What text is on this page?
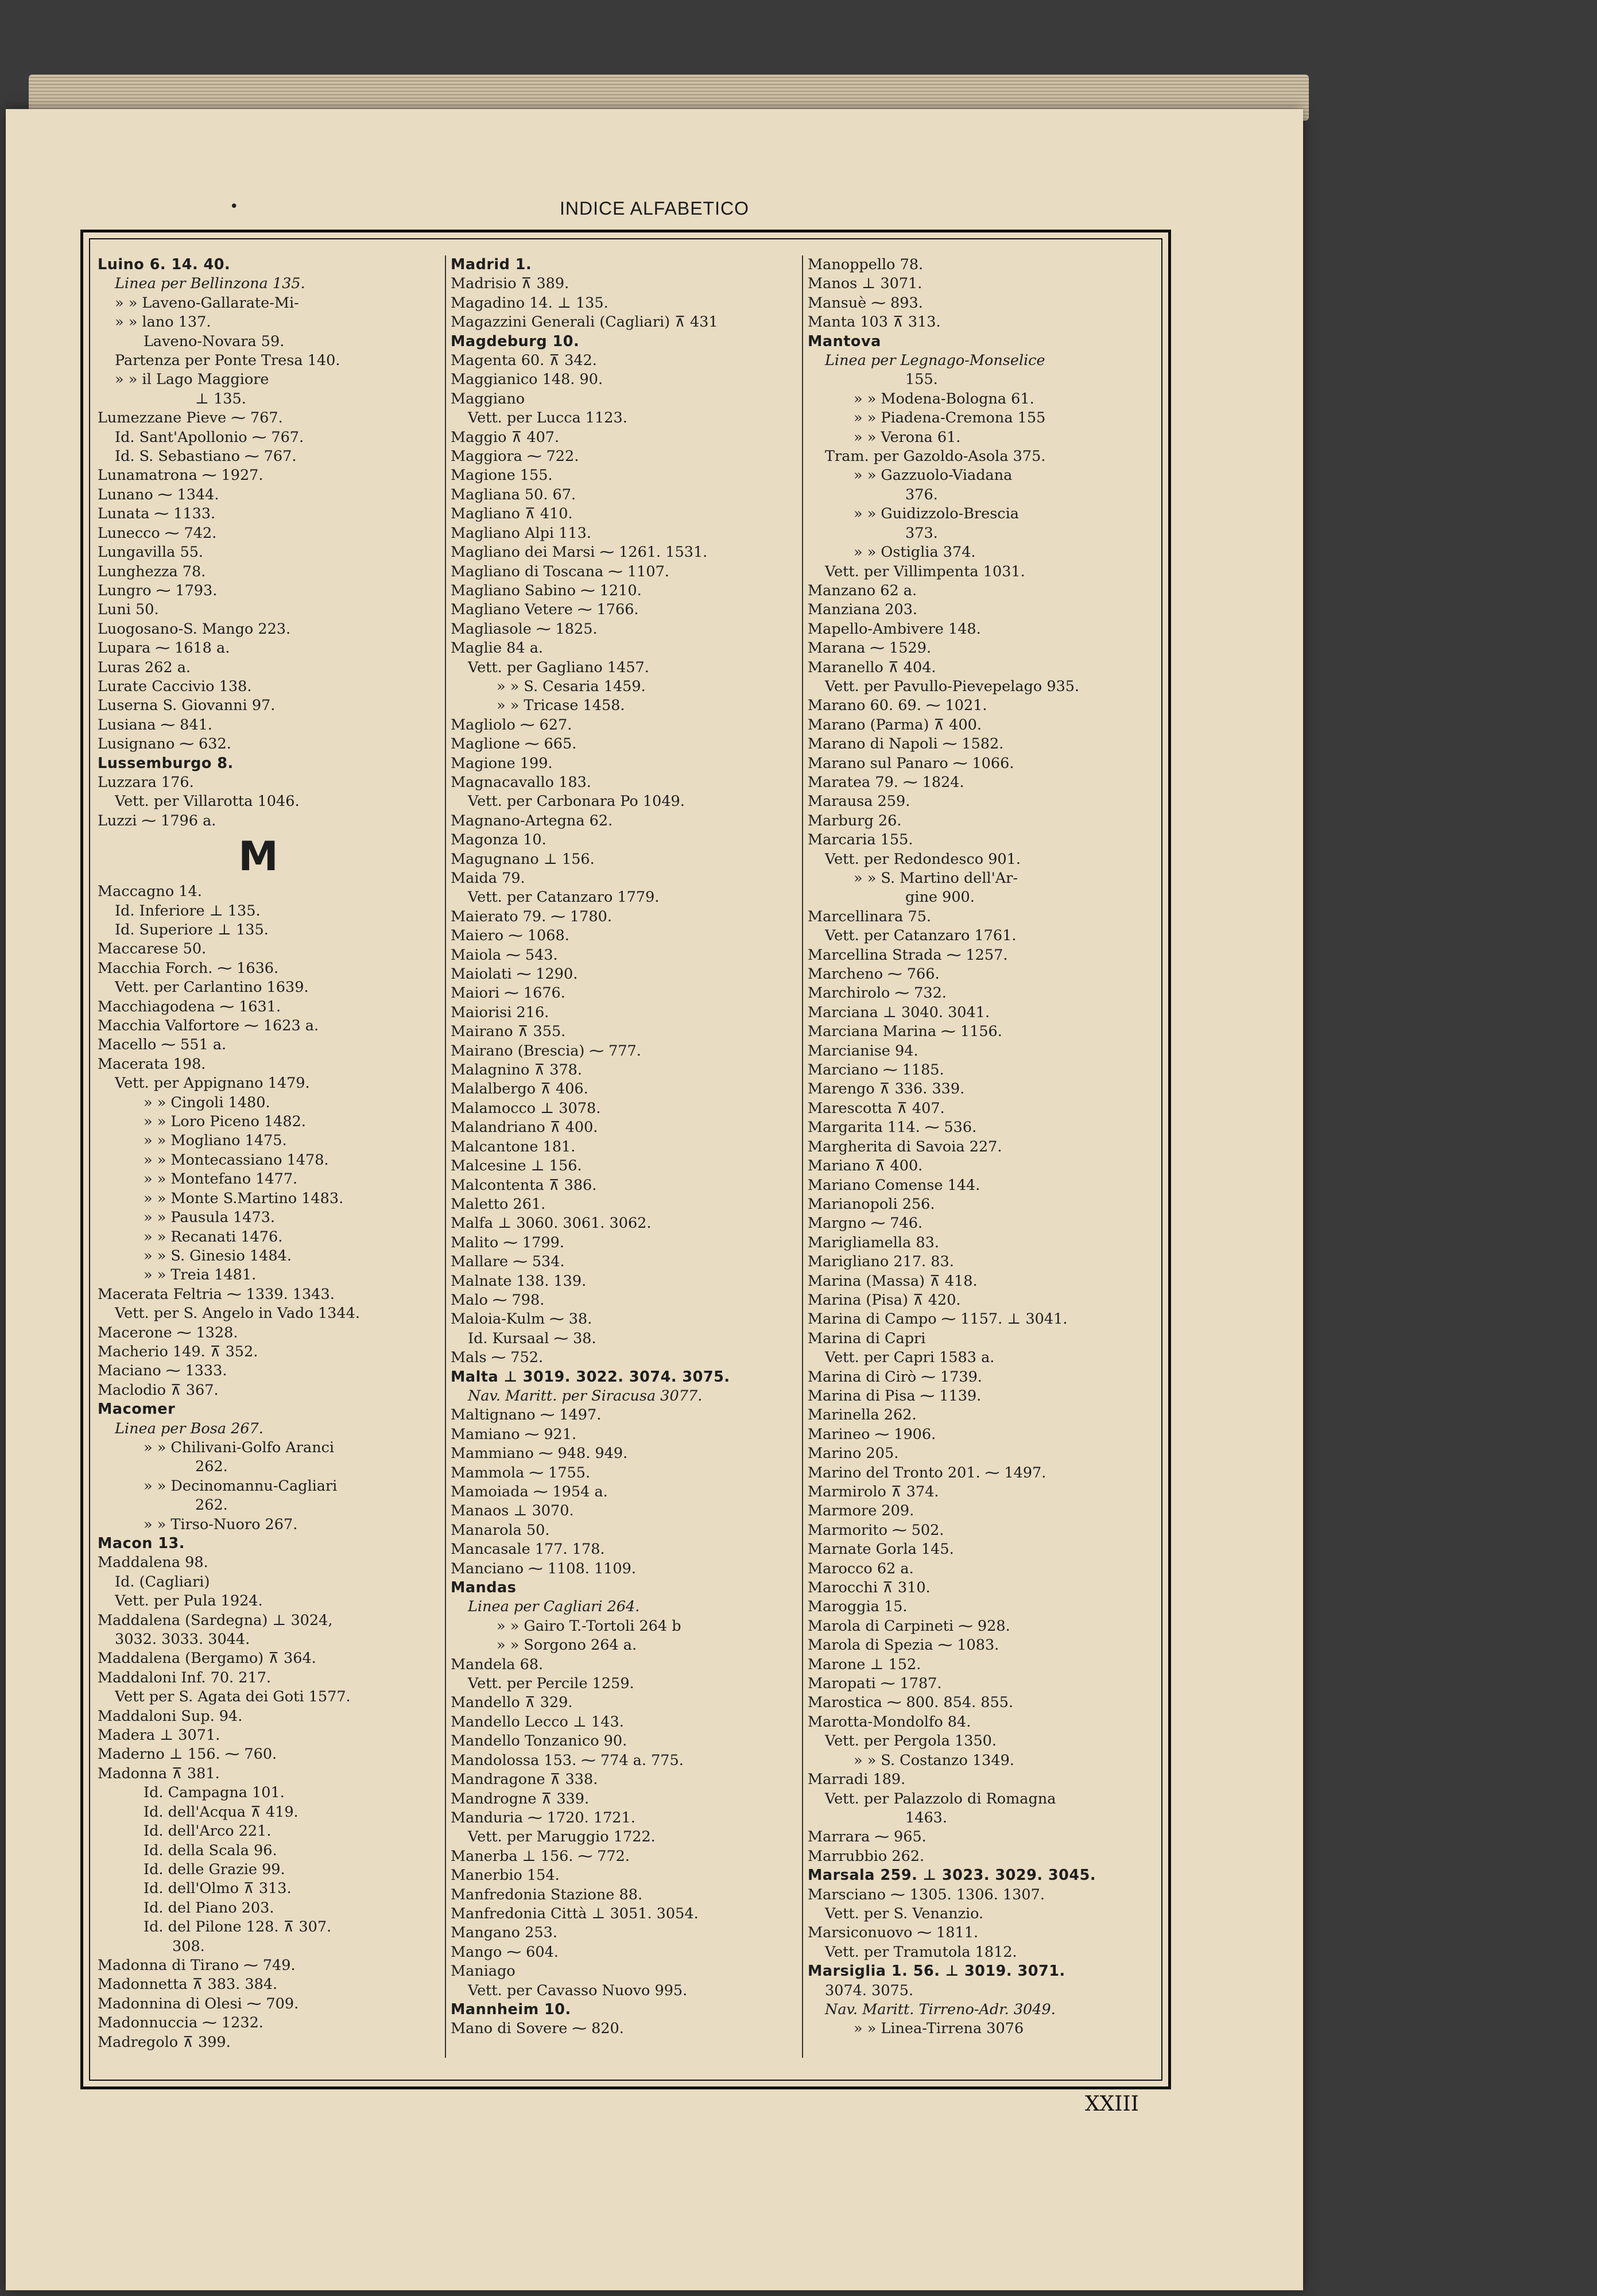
•	INDICE ALFABETICO
Luino 6. 14. 40.
Linea per Bellinzona 135.
» » Laveno-Gallarate-Mi-
» » lano 137.
Laveno-Novara 59.
Partenza per Ponte Tresa 140.
» » il Lago Maggiore
⊥ 135.
Lumezzane Pieve ⁓ 767.
Id. Sant'Apollonio ⁓ 767.
Id. S. Sebastiano ⁓ 767.
Lunamatrona ⁓ 1927.
Lunano ⁓ 1344.
Lunata ⁓ 1133.
Lunecco ⁓ 742.
Lungavilla 55.
Lunghezza 78.
Lungro ⁓ 1793.
Luni 50.
Luogosano-S. Mango 223.
Lupara ⁓ 1618 a.
Luras 262 a.
Lurate Caccivio 138.
Luserna S. Giovanni 97.
Lusiana ⁓ 841.
Lusignano ⁓ 632.
Lussemburgo 8.
Luzzara 176.
Vett. per Villarotta 1046.
Luzzi ⁓ 1796 a.
M
Maccagno 14.
Id. Inferiore ⊥ 135.
Id. Superiore ⊥ 135.
Maccarese 50.
Macchia Forch. ⁓ 1636.
Vett. per Carlantino 1639.
Macchiagodena ⁓ 1631.
Macchia Valfortore ⁓ 1623 a.
Macello ⁓ 551 a.
Macerata 198.
Vett. per Appignano 1479.
» » Cingoli 1480.
» » Loro Piceno 1482.
» » Mogliano 1475.
» » Montecassiano 1478.
» » Montefano 1477.
» » Monte S.Martino 1483.
» » Pausula 1473.
» » Recanati 1476.
» » S. Ginesio 1484.
» » Treia 1481.
Macerata Feltria ⁓ 1339. 1343.
Vett. per S. Angelo in Vado 1344.
Macerone ⁓ 1328.
Macherio 149. ⊼ 352.
Maciano ⁓ 1333.
Maclodio ⊼ 367.
Macomer
Linea per Bosa 267.
» » Chilivani-Golfo Aranci
262.
» » Decinomannu-Cagliari
262.
» » Tirso-Nuoro 267.
Macon 13.
Maddalena 98.
Id. (Cagliari)
Vett. per Pula 1924.
Maddalena (Sardegna) ⊥ 3024,
3032. 3033. 3044.
Maddalena (Bergamo) ⊼ 364.
Maddaloni Inf. 70. 217.
Vett per S. Agata dei Goti 1577.
Maddaloni Sup. 94.
Madera ⊥ 3071.
Maderno ⊥ 156. ⁓ 760.
Madonna ⊼ 381.
Id. Campagna 101.
Id. dell'Acqua ⊼ 419.
Id. dell'Arco 221.
Id. della Scala 96.
Id. delle Grazie 99.
Id. dell'Olmo ⊼ 313.
Id. del Piano 203.
Id. del Pilone 128. ⊼ 307.
308.
Madonna di Tirano ⁓ 749.
Madonnetta ⊼ 383. 384.
Madonnina di Olesi ⁓ 709.
Madonnuccia ⁓ 1232.
Madregolo ⊼ 399.
Madrid 1.
Madrisio ⊼ 389.
Magadino 14. ⊥ 135.
Magazzini Generali (Cagliari) ⊼ 431
Magdeburg 10.
Magenta 60. ⊼ 342.
Maggianico 148. 90.
Maggiano
Vett. per Lucca 1123.
Maggio ⊼ 407.
Maggiora ⁓ 722.
Magione 155.
Magliana 50. 67.
Magliano ⊼ 410.
Magliano Alpi 113.
Magliano dei Marsi ⁓ 1261. 1531.
Magliano di Toscana ⁓ 1107.
Magliano Sabino ⁓ 1210.
Magliano Vetere ⁓ 1766.
Magliasole ⁓ 1825.
Maglie 84 a.
Vett. per Gagliano 1457.
» » S. Cesaria 1459.
» » Tricase 1458.
Magliolo ⁓ 627.
Maglione ⁓ 665.
Magione 199.
Magnacavallo 183.
Vett. per Carbonara Po 1049.
Magnano-Artegna 62.
Magonza 10.
Magugnano ⊥ 156.
Maida 79.
Vett. per Catanzaro 1779.
Maierato 79. ⁓ 1780.
Maiero ⁓ 1068.
Maiola ⁓ 543.
Maiolati ⁓ 1290.
Maiori ⁓ 1676.
Maiorisi 216.
Mairano ⊼ 355.
Mairano (Brescia) ⁓ 777.
Malagnino ⊼ 378.
Malalbergo ⊼ 406.
Malamocco ⊥ 3078.
Malandriano ⊼ 400.
Malcantone 181.
Malcesine ⊥ 156.
Malcontenta ⊼ 386.
Maletto 261.
Malfa ⊥ 3060. 3061. 3062.
Malito ⁓ 1799.
Mallare ⁓ 534.
Malnate 138. 139.
Malo ⁓ 798.
Maloia-Kulm ⁓ 38.
Id. Kursaal ⁓ 38.
Mals ⁓ 752.
Malta ⊥ 3019. 3022. 3074. 3075.
Nav. Maritt. per Siracusa 3077.
Maltignano ⁓ 1497.
Mamiano ⁓ 921.
Mammiano ⁓ 948. 949.
Mammola ⁓ 1755.
Mamoiada ⁓ 1954 a.
Manaos ⊥ 3070.
Manarola 50.
Mancasale 177. 178.
Manciano ⁓ 1108. 1109.
Mandas
Linea per Cagliari 264.
» » Gairo T.-Tortoli 264 b
» » Sorgono 264 a.
Mandela 68.
Vett. per Percile 1259.
Mandello ⊼ 329.
Mandello Lecco ⊥ 143.
Mandello Tonzanico 90.
Mandolossa 153. ⁓ 774 a. 775.
Mandragone ⊼ 338.
Mandrogne ⊼ 339.
Manduria ⁓ 1720. 1721.
Vett. per Maruggio 1722.
Manerba ⊥ 156. ⁓ 772.
Manerbio 154.
Manfredonia Stazione 88.
Manfredonia Città ⊥ 3051. 3054.
Mangano 253.
Mango ⁓ 604.
Maniago
Vett. per Cavasso Nuovo 995.
Mannheim 10.
Mano di Sovere ⁓ 820.
Manoppello 78.
Manos ⊥ 3071.
Mansuè ⁓ 893.
Manta 103 ⊼ 313.
Mantova
Linea per Legnago-Monselice
155.
» » Modena-Bologna 61.
» » Piadena-Cremona 155
» » Verona 61.
Tram. per Gazoldo-Asola 375.
» » Gazzuolo-Viadana
376.
» » Guidizzolo-Brescia
373.
» » Ostiglia 374.
Vett. per Villimpenta 1031.
Manzano 62 a.
Manziana 203.
Mapello-Ambivere 148.
Marana ⁓ 1529.
Maranello ⊼ 404.
Vett. per Pavullo-Pievepelago 935.
Marano 60. 69. ⁓ 1021.
Marano (Parma) ⊼ 400.
Marano di Napoli ⁓ 1582.
Marano sul Panaro ⁓ 1066.
Maratea 79. ⁓ 1824.
Marausa 259.
Marburg 26.
Marcaria 155.
Vett. per Redondesco 901.
» » S. Martino dell'Ar-
gine 900.
Marcellinara 75.
Vett. per Catanzaro 1761.
Marcellina Strada ⁓ 1257.
Marcheno ⁓ 766.
Marchirolo ⁓ 732.
Marciana ⊥ 3040. 3041.
Marciana Marina ⁓ 1156.
Marcianise 94.
Marciano ⁓ 1185.
Marengo ⊼ 336. 339.
Marescotta ⊼ 407.
Margarita 114. ⁓ 536.
Margherita di Savoia 227.
Mariano ⊼ 400.
Mariano Comense 144.
Marianopoli 256.
Margno ⁓ 746.
Marigliamella 83.
Marigliano 217. 83.
Marina (Massa) ⊼ 418.
Marina (Pisa) ⊼ 420.
Marina di Campo ⁓ 1157. ⊥ 3041.
Marina di Capri
Vett. per Capri 1583 a.
Marina di Cirò ⁓ 1739.
Marina di Pisa ⁓ 1139.
Marinella 262.
Marineo ⁓ 1906.
Marino 205.
Marino del Tronto 201. ⁓ 1497.
Marmirolo ⊼ 374.
Marmore 209.
Marmorito ⁓ 502.
Marnate Gorla 145.
Marocco 62 a.
Marocchi ⊼ 310.
Maroggia 15.
Marola di Carpineti ⁓ 928.
Marola di Spezia ⁓ 1083.
Marone ⊥ 152.
Maropati ⁓ 1787.
Marostica ⁓ 800. 854. 855.
Marotta-Mondolfo 84.
Vett. per Pergola 1350.
» » S. Costanzo 1349.
Marradi 189.
Vett. per Palazzolo di Romagna
1463.
Marrara ⁓ 965.
Marrubbio 262.
Marsala 259. ⊥ 3023. 3029. 3045.
Marsciano ⁓ 1305. 1306. 1307.
Vett. per S. Venanzio.
Marsiconuovo ⁓ 1811.
Vett. per Tramutola 1812.
Marsiglia 1. 56. ⊥ 3019. 3071.
3074. 3075.
Nav. Maritt. Tirreno-Adr. 3049.
» » Linea-Tirrena 3076
XXIII
